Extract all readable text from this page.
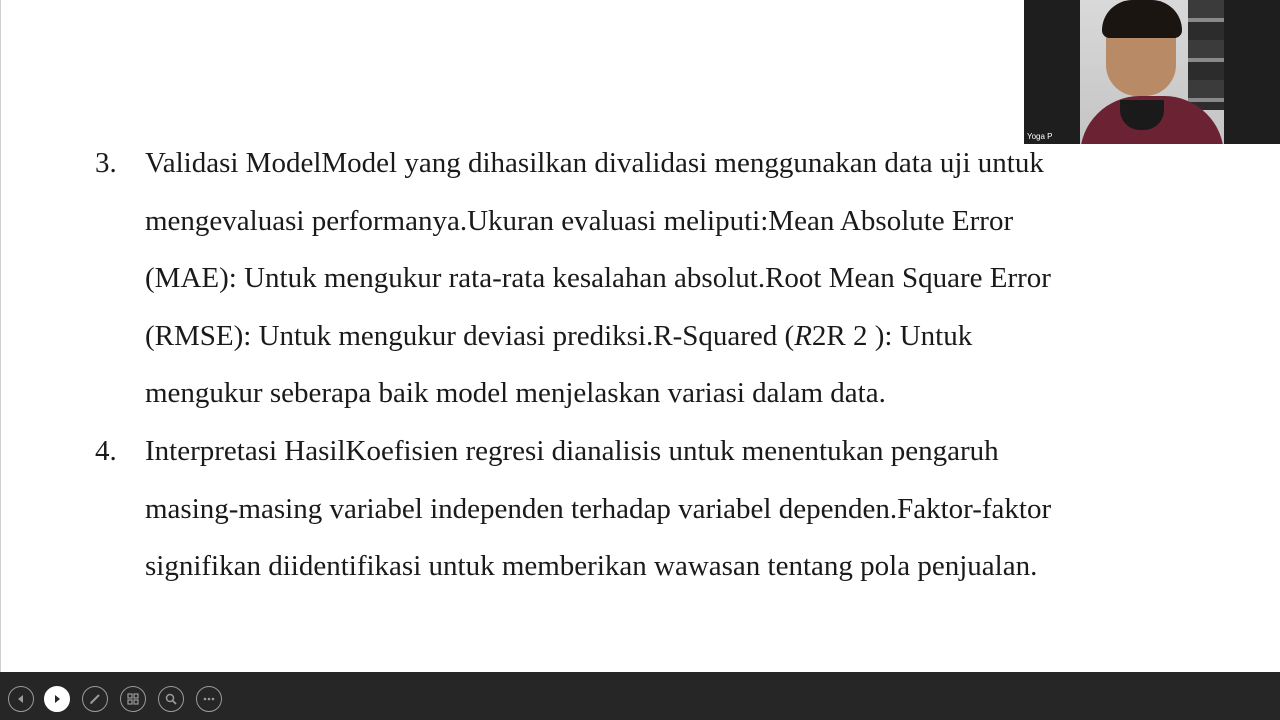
3. Validasi ModelModel yang dihasilkan divalidasi menggunakan data uji untuk
mengevaluasi performanya.Ukuran evaluasi meliputi:Mean Absolute Error
(MAE): Untuk mengukur rata-rata kesalahan absolut.Root Mean Square Error
(RMSE): Untuk mengukur deviasi prediksi.R-Squared (R2R 2 ): Untuk
mengukur seberapa baik model menjelaskan variasi dalam data.
4. Interpretasi HasilKoefisien regresi dianalisis untuk menentukan pengaruh
masing-masing variabel independen terhadap variabel dependen.Faktor-faktor
signifikan diidentifikasi untuk memberikan wawasan tentang pola penjualan.
Yoga P
